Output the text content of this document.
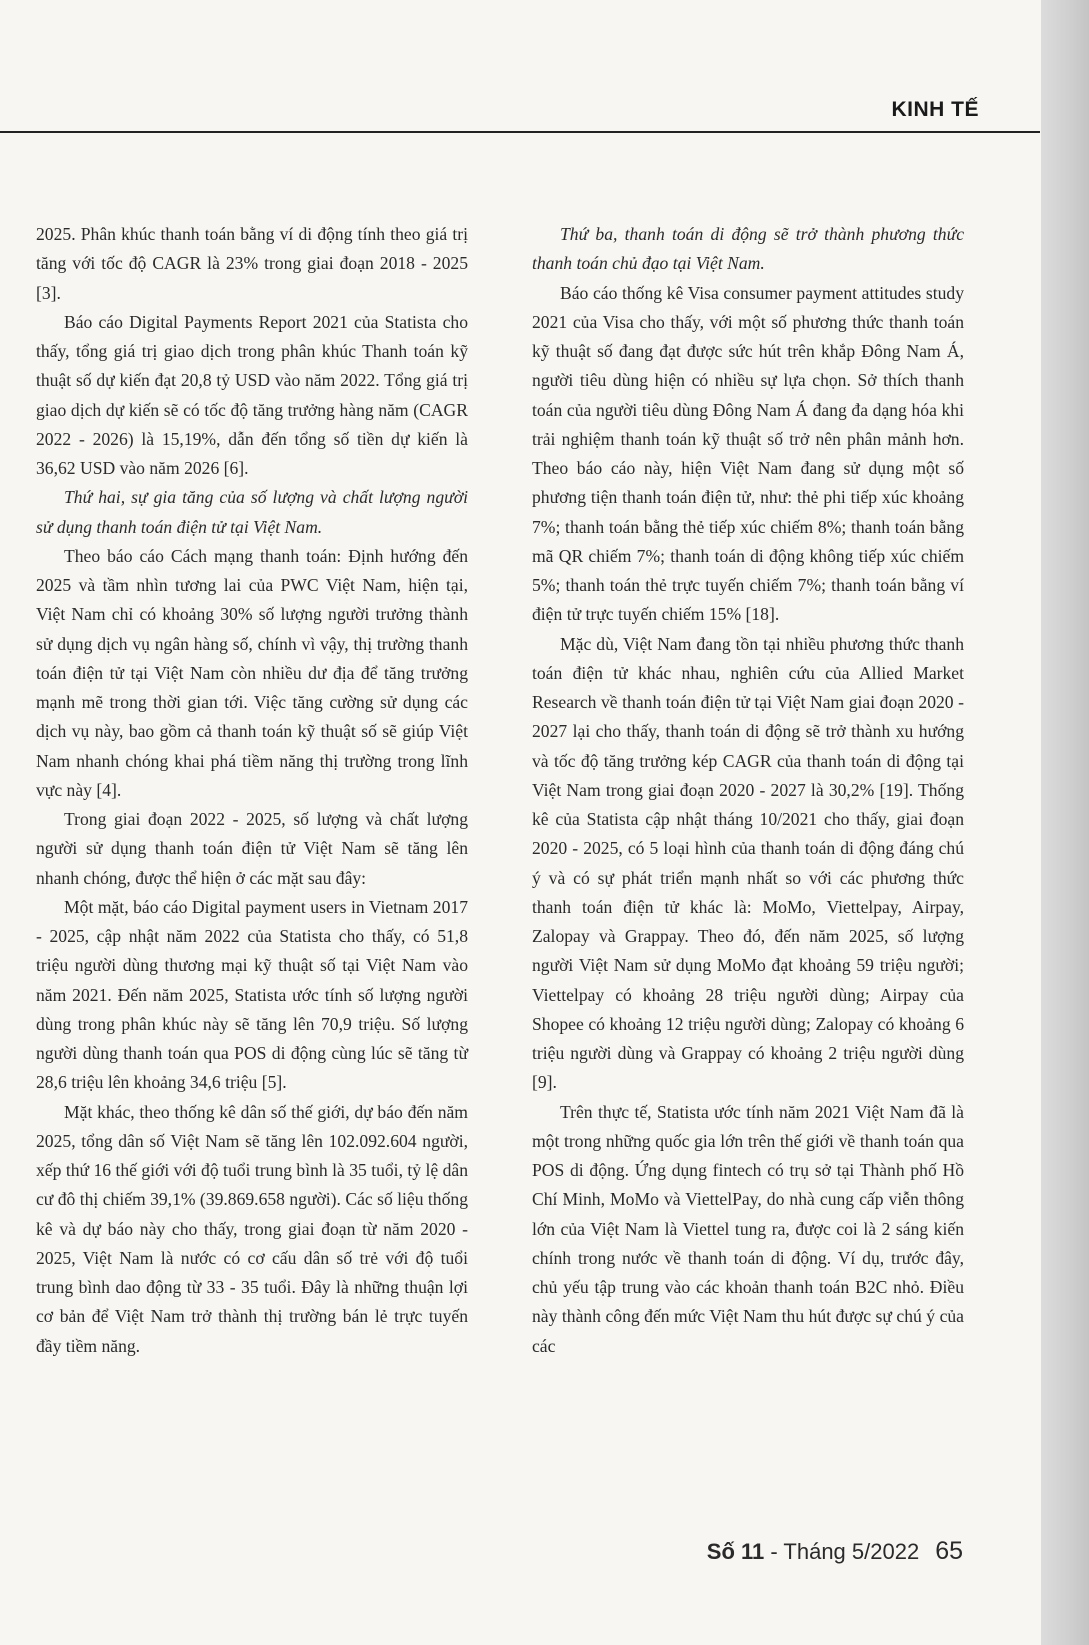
KINH TẾ

2025. Phân khúc thanh toán bằng ví di động tính theo giá trị tăng với tốc độ CAGR là 23% trong giai đoạn 2018 - 2025 [3].

Báo cáo Digital Payments Report 2021 của Statista cho thấy, tổng giá trị giao dịch trong phân khúc Thanh toán kỹ thuật số dự kiến đạt 20,8 tỷ USD vào năm 2022. Tổng giá trị giao dịch dự kiến sẽ có tốc độ tăng trưởng hàng năm (CAGR 2022 - 2026) là 15,19%, dẫn đến tổng số tiền dự kiến là 36,62 USD vào năm 2026 [6].

Thứ hai, sự gia tăng của số lượng và chất lượng người sử dụng thanh toán điện tử tại Việt Nam.

Theo báo cáo Cách mạng thanh toán: Định hướng đến 2025 và tầm nhìn tương lai của PWC Việt Nam, hiện tại, Việt Nam chỉ có khoảng 30% số lượng người trưởng thành sử dụng dịch vụ ngân hàng số, chính vì vậy, thị trường thanh toán điện tử tại Việt Nam còn nhiều dư địa để tăng trưởng mạnh mẽ trong thời gian tới. Việc tăng cường sử dụng các dịch vụ này, bao gồm cả thanh toán kỹ thuật số sẽ giúp Việt Nam nhanh chóng khai phá tiềm năng thị trường trong lĩnh vực này [4].

Trong giai đoạn 2022 - 2025, số lượng và chất lượng người sử dụng thanh toán điện tử Việt Nam sẽ tăng lên nhanh chóng, được thể hiện ở các mặt sau đây:

Một mặt, báo cáo Digital payment users in Vietnam 2017 - 2025, cập nhật năm 2022 của Statista cho thấy, có 51,8 triệu người dùng thương mại kỹ thuật số tại Việt Nam vào năm 2021. Đến năm 2025, Statista ước tính số lượng người dùng trong phân khúc này sẽ tăng lên 70,9 triệu. Số lượng người dùng thanh toán qua POS di động cùng lúc sẽ tăng từ 28,6 triệu lên khoảng 34,6 triệu [5].

Mặt khác, theo thống kê dân số thế giới, dự báo đến năm 2025, tổng dân số Việt Nam sẽ tăng lên 102.092.604 người, xếp thứ 16 thế giới với độ tuổi trung bình là 35 tuổi, tỷ lệ dân cư đô thị chiếm 39,1% (39.869.658 người). Các số liệu thống kê và dự báo này cho thấy, trong giai đoạn từ năm 2020 - 2025, Việt Nam là nước có cơ cấu dân số trẻ với độ tuổi trung bình dao động từ 33 - 35 tuổi. Đây là những thuận lợi cơ bản để Việt Nam trở thành thị trường bán lẻ trực tuyến đầy tiềm năng.

Thứ ba, thanh toán di động sẽ trở thành phương thức thanh toán chủ đạo tại Việt Nam.

Báo cáo thống kê Visa consumer payment attitudes study 2021 của Visa cho thấy, với một số phương thức thanh toán kỹ thuật số đang đạt được sức hút trên khắp Đông Nam Á, người tiêu dùng hiện có nhiều sự lựa chọn. Sở thích thanh toán của người tiêu dùng Đông Nam Á đang đa dạng hóa khi trải nghiệm thanh toán kỹ thuật số trở nên phân mảnh hơn. Theo báo cáo này, hiện Việt Nam đang sử dụng một số phương tiện thanh toán điện tử, như: thẻ phi tiếp xúc khoảng 7%; thanh toán bằng thẻ tiếp xúc chiếm 8%; thanh toán bằng mã QR chiếm 7%; thanh toán di động không tiếp xúc chiếm 5%; thanh toán thẻ trực tuyến chiếm 7%; thanh toán bằng ví điện tử trực tuyến chiếm 15% [18].

Mặc dù, Việt Nam đang tồn tại nhiều phương thức thanh toán điện tử khác nhau, nghiên cứu của Allied Market Research về thanh toán điện tử tại Việt Nam giai đoạn 2020 - 2027 lại cho thấy, thanh toán di động sẽ trở thành xu hướng và tốc độ tăng trưởng kép CAGR của thanh toán di động tại Việt Nam trong giai đoạn 2020 - 2027 là 30,2% [19]. Thống kê của Statista cập nhật tháng 10/2021 cho thấy, giai đoạn 2020 - 2025, có 5 loại hình của thanh toán di động đáng chú ý và có sự phát triển mạnh nhất so với các phương thức thanh toán điện tử khác là: MoMo, Viettelpay, Airpay, Zalopay và Grappay. Theo đó, đến năm 2025, số lượng người Việt Nam sử dụng MoMo đạt khoảng 59 triệu người; Viettelpay có khoảng 28 triệu người dùng; Airpay của Shopee có khoảng 12 triệu người dùng; Zalopay có khoảng 6 triệu người dùng và Grappay có khoảng 2 triệu người dùng [9].

Trên thực tế, Statista ước tính năm 2021 Việt Nam đã là một trong những quốc gia lớn trên thế giới về thanh toán qua POS di động. Ứng dụng fintech có trụ sở tại Thành phố Hồ Chí Minh, MoMo và ViettelPay, do nhà cung cấp viễn thông lớn của Việt Nam là Viettel tung ra, được coi là 2 sáng kiến chính trong nước về thanh toán di động. Ví dụ, trước đây, chủ yếu tập trung vào các khoản thanh toán B2C nhỏ. Điều này thành công đến mức Việt Nam thu hút được sự chú ý của các

Số 11 - Tháng 5/2022 65
